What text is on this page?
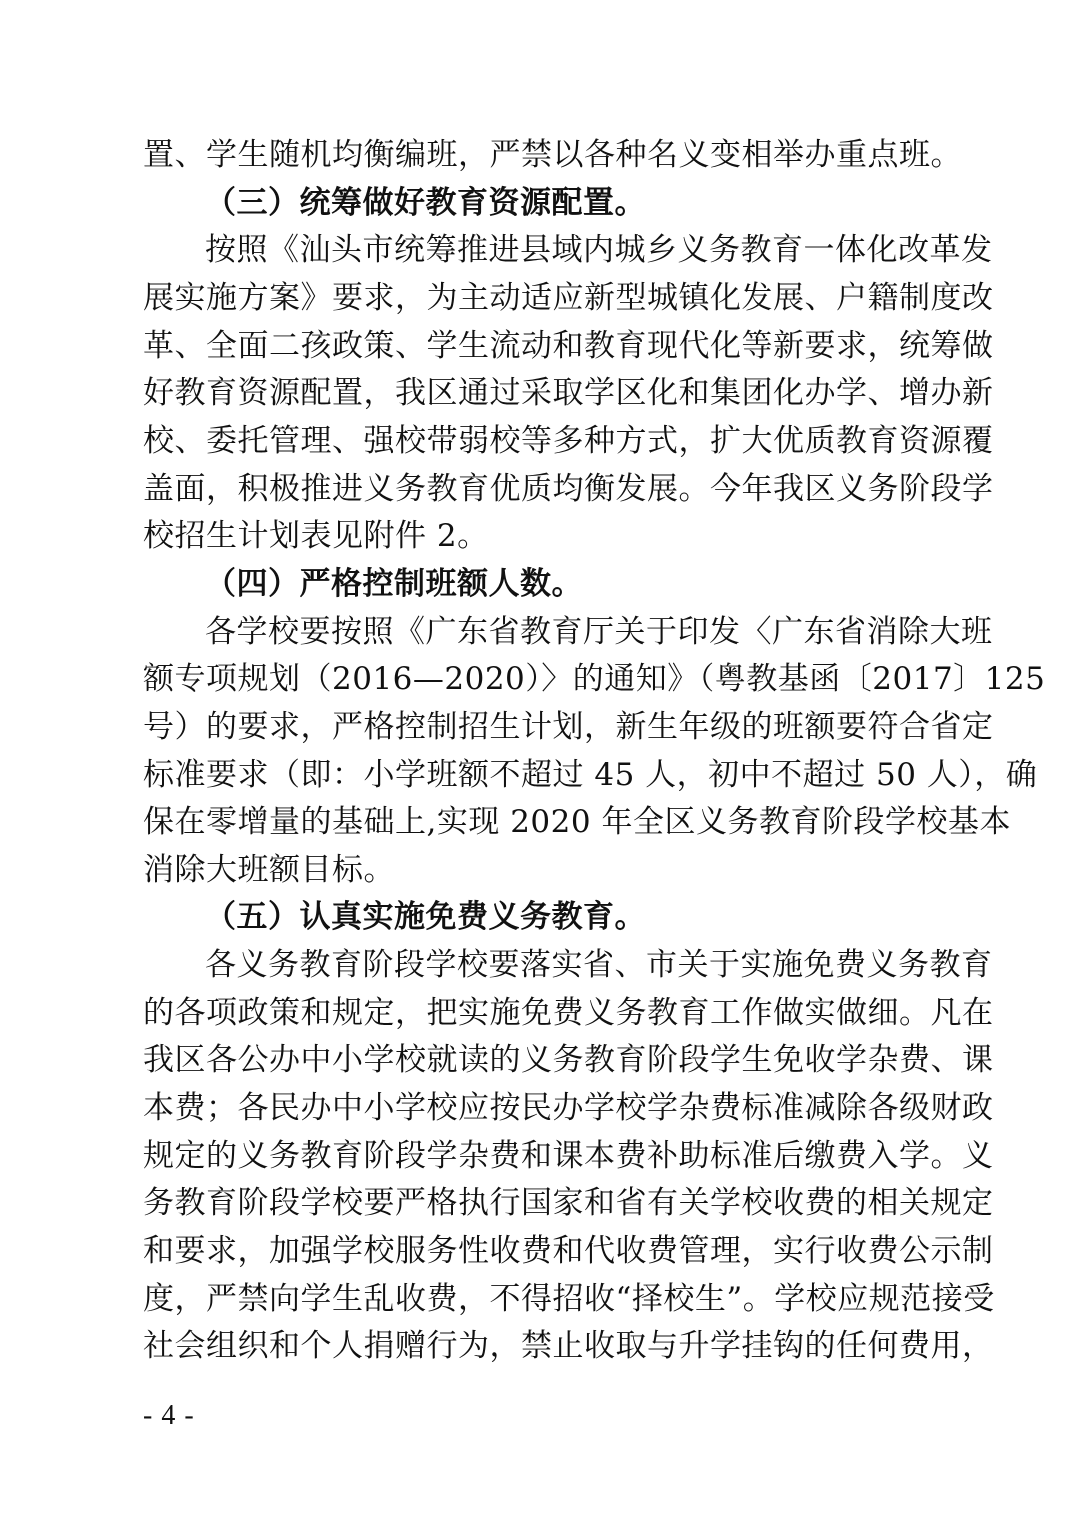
置、学生随机均衡编班，严禁以各种名义变相举办重点班。
（三）统筹做好教育资源配置。
按照《汕头市统筹推进县域内城乡义务教育一体化改革发
展实施方案》要求，为主动适应新型城镇化发展、户籍制度改
革、全面二孩政策、学生流动和教育现代化等新要求，统筹做
好教育资源配置，我区通过采取学区化和集团化办学、增办新
校、委托管理、强校带弱校等多种方式，扩大优质教育资源覆
盖面，积极推进义务教育优质均衡发展。今年我区义务阶段学
校招生计划表见附件 2。
（四）严格控制班额人数。
各学校要按照《广东省教育厅关于印发〈广东省消除大班
额专项规划（2016—2020）〉的通知》（粤教基函〔2017〕125
号）的要求，严格控制招生计划，新生年级的班额要符合省定
标准要求（即：小学班额不超过 45 人，初中不超过 50 人），确
保在零增量的基础上,实现 2020 年全区义务教育阶段学校基本
消除大班额目标。
（五）认真实施免费义务教育。
各义务教育阶段学校要落实省、市关于实施免费义务教育
的各项政策和规定，把实施免费义务教育工作做实做细。凡在
我区各公办中小学校就读的义务教育阶段学生免收学杂费、课
本费；各民办中小学校应按民办学校学杂费标准减除各级财政
规定的义务教育阶段学杂费和课本费补助标准后缴费入学。义
务教育阶段学校要严格执行国家和省有关学校收费的相关规定
和要求，加强学校服务性收费和代收费管理，实行收费公示制
度，严禁向学生乱收费，不得招收“择校生”。学校应规范接受
社会组织和个人捐赠行为，禁止收取与升学挂钩的任何费用，
- 4 -
